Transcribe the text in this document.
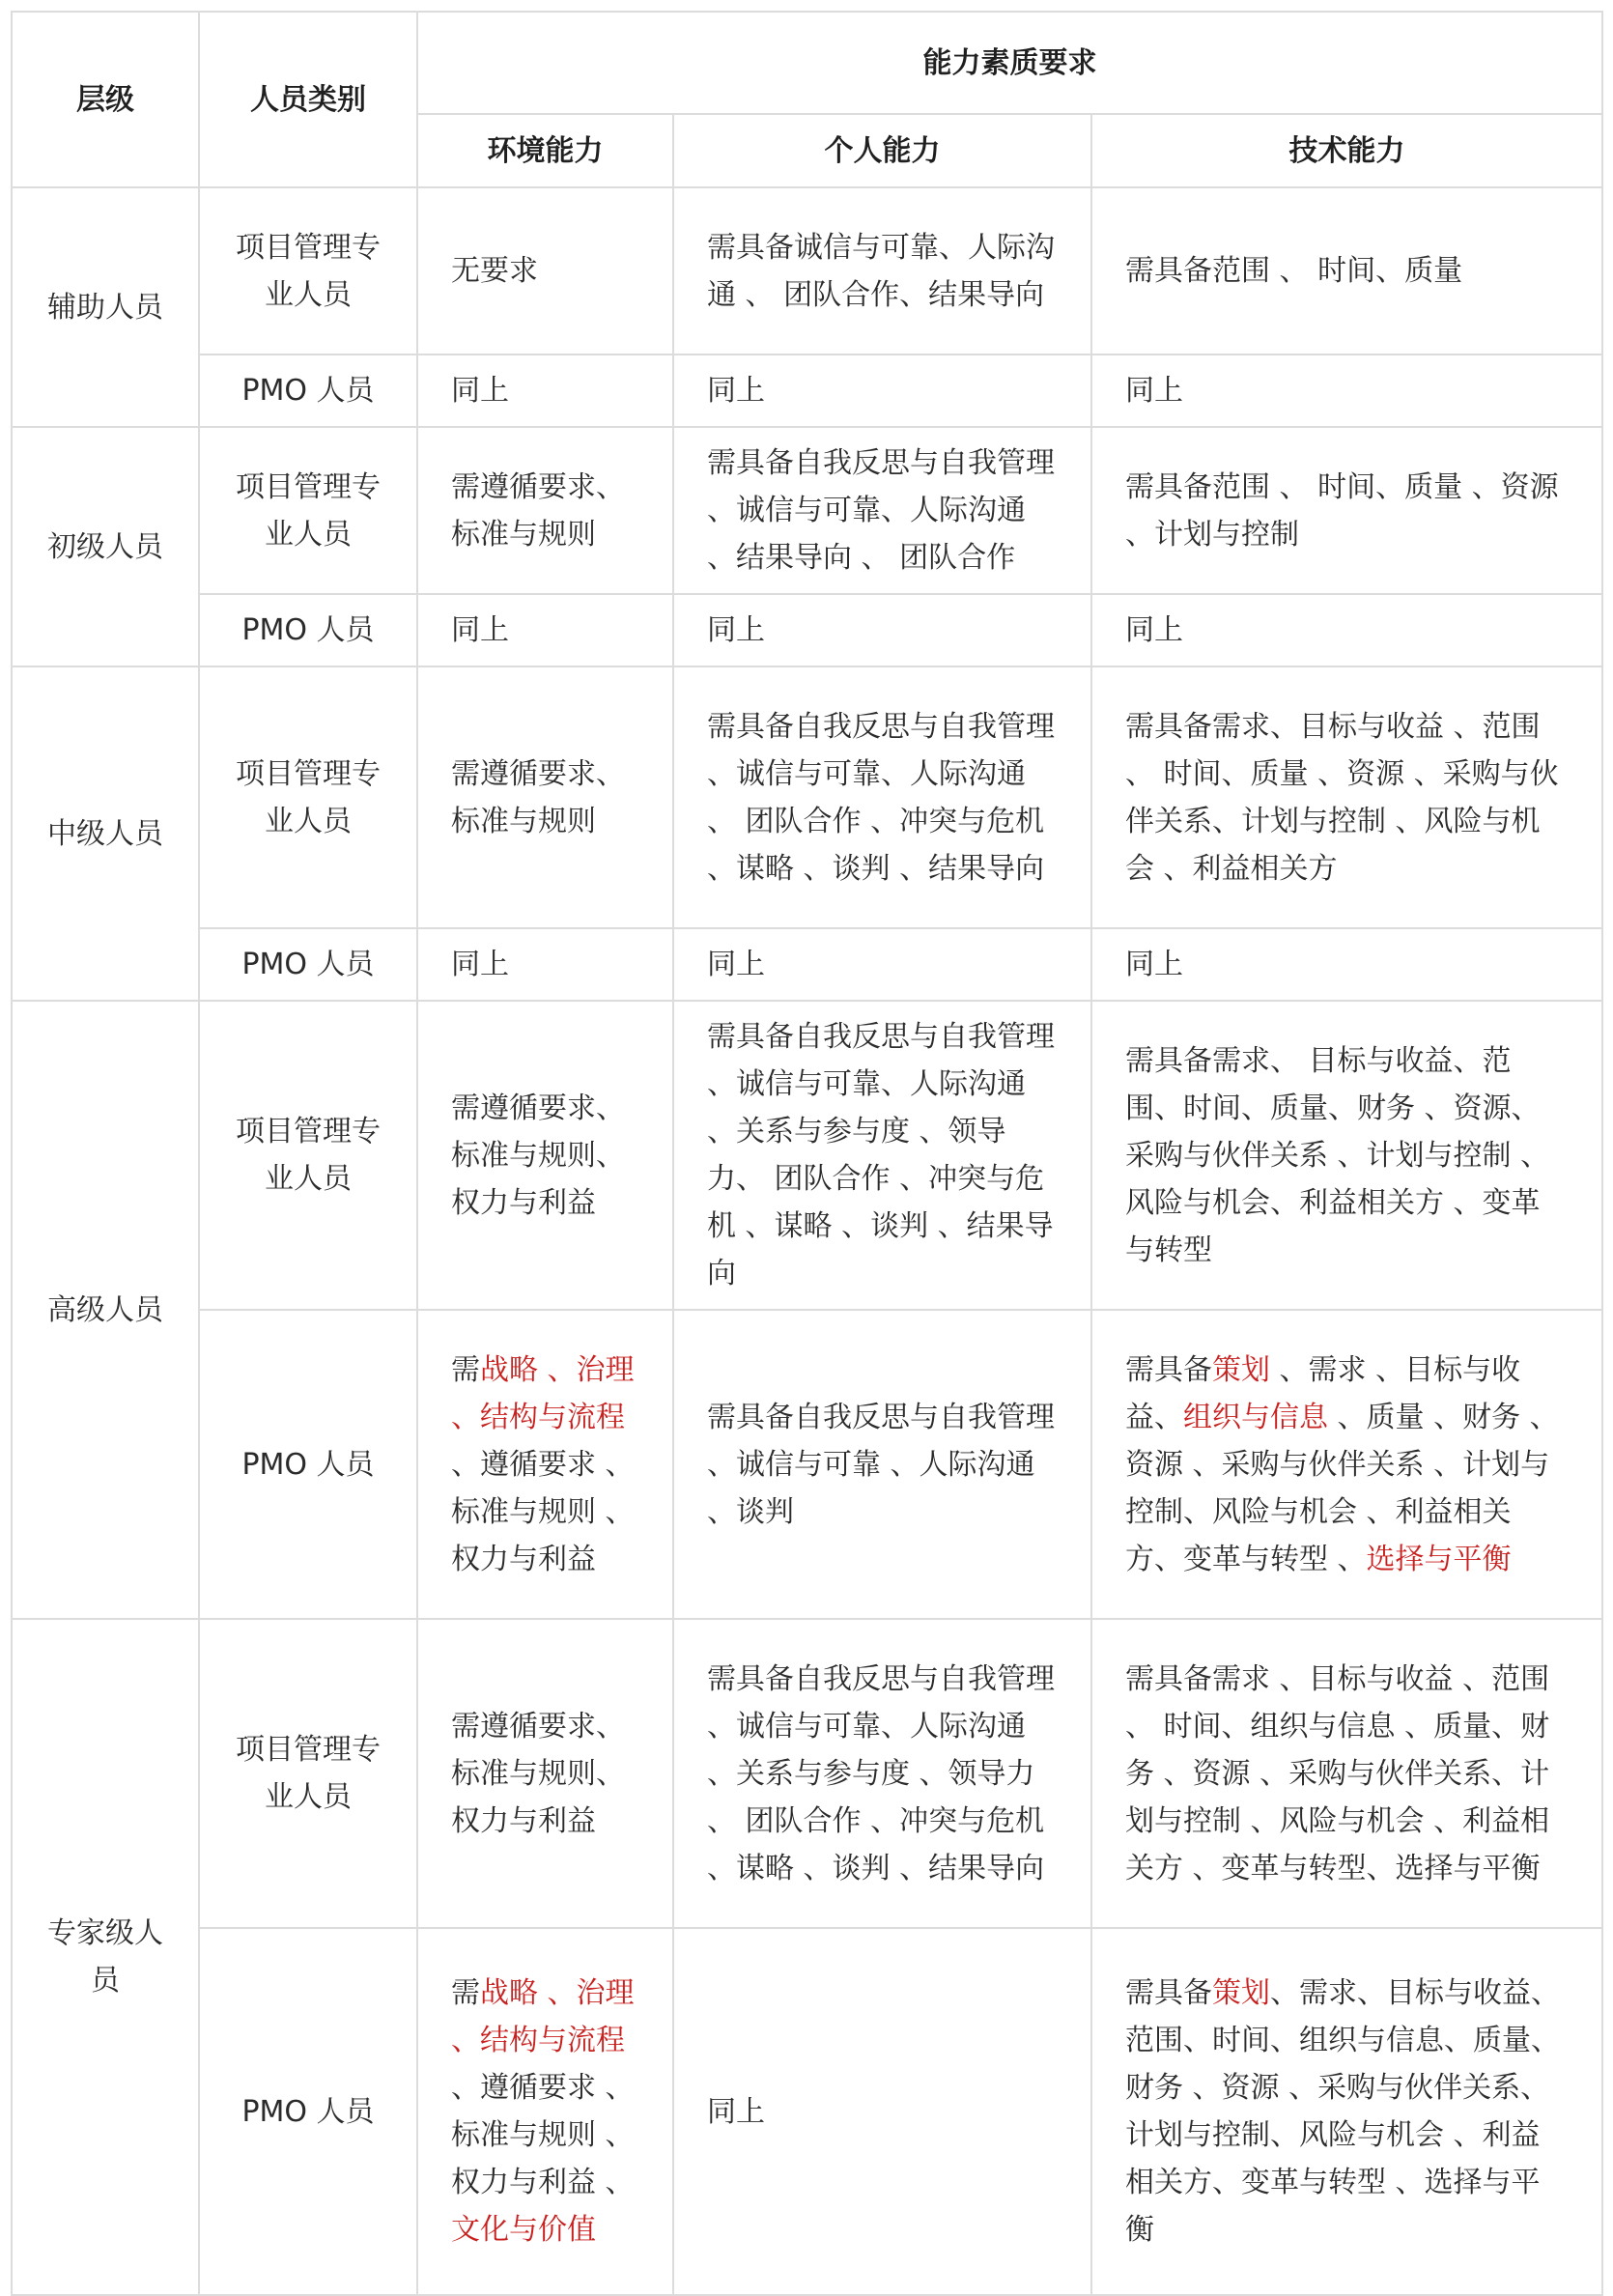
层级	人员类别	能力素质要求		
		环境能力	个人能力	技术能力
辅助人员	项目管理专业人员	无要求	需具备诚信与可靠、人际沟通 、 团队合作、结果导向	需具备范围 、 时间、质量
	PMO 人员	同上	同上	同上
初级人员	项目管理专业人员	需遵循要求、标准与规则	需具备自我反思与自我管理 、诚信与可靠、人际沟通 、结果导向 、 团队合作	需具备范围 、 时间、质量 、资源 、计划与控制
	PMO 人员	同上	同上	同上
中级人员	项目管理专业人员	需遵循要求、标准与规则	需具备自我反思与自我管理 、诚信与可靠、人际沟通 、 团队合作 、冲突与危机 、谋略 、谈判 、结果导向	需具备需求、目标与收益 、范围 、 时间、质量 、资源 、采购与伙伴关系、计划与控制 、风险与机会 、利益相关方
	PMO 人员	同上	同上	同上
高级人员	项目管理专业人员	需遵循要求、标准与规则、权力与利益	需具备自我反思与自我管理 、诚信与可靠、人际沟通 、关系与参与度 、领导力、 团队合作 、冲突与危机 、谋略 、谈判 、结果导向	需具备需求、 目标与收益、范围、时间、质量、财务 、资源、采购与伙伴关系 、计划与控制 、风险与机会、利益相关方 、变革与转型
	PMO 人员	需战略 、治理 、结构与流程 、遵循要求 、标准与规则 、权力与利益	需具备自我反思与自我管理 、诚信与可靠 、人际沟通 、谈判	需具备策划 、需求 、目标与收益、组织与信息 、质量 、财务 、资源 、采购与伙伴关系 、计划与控制、风险与机会 、利益相关方、变革与转型 、选择与平衡
专家级人员	项目管理专业人员	需遵循要求、标准与规则、权力与利益	需具备自我反思与自我管理 、诚信与可靠、人际沟通 、关系与参与度 、领导力 、 团队合作 、冲突与危机 、谋略 、谈判 、结果导向	需具备需求 、目标与收益 、范围 、 时间、组织与信息 、质量、财务 、资源 、采购与伙伴关系、计划与控制 、风险与机会 、利益相关方 、变革与转型、选择与平衡
	PMO 人员	需战略 、治理 、结构与流程 、遵循要求 、标准与规则 、权力与利益 、文化与价值	同上	需具备策划、需求、目标与收益、范围、时间、组织与信息、质量、财务 、资源 、采购与伙伴关系、计划与控制、风险与机会 、利益相关方、变革与转型 、选择与平衡
